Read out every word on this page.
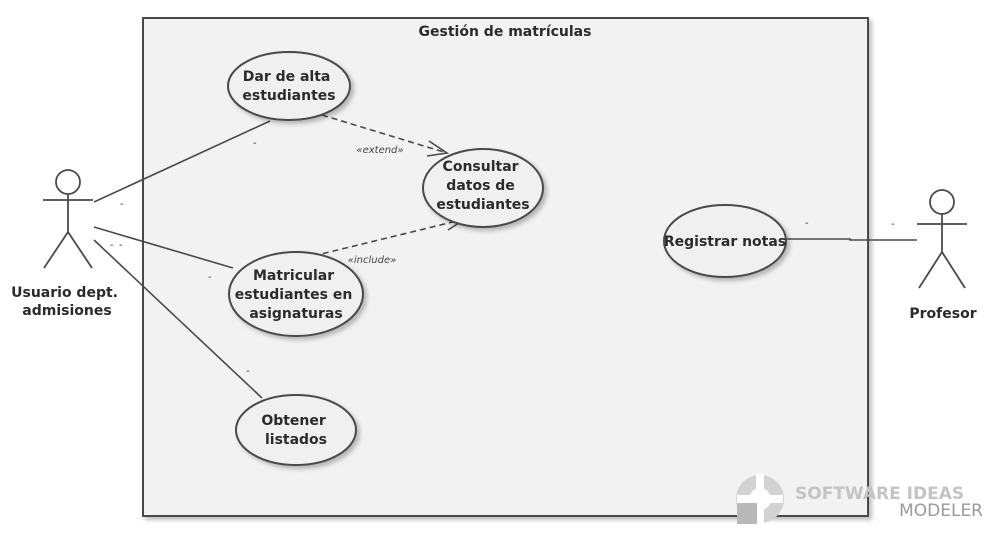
Gestión de matrículas
«extend»
«include»
-
-
- -
-
-
-	-
Dar de alta estudiantes
Consultar datos de estudiantes
Matricular estudiantes en asignaturas
Obtener listados
Registrar notas
Usuario dept. admisiones	Profesor
SOFTWARE IDEAS
MODELER
